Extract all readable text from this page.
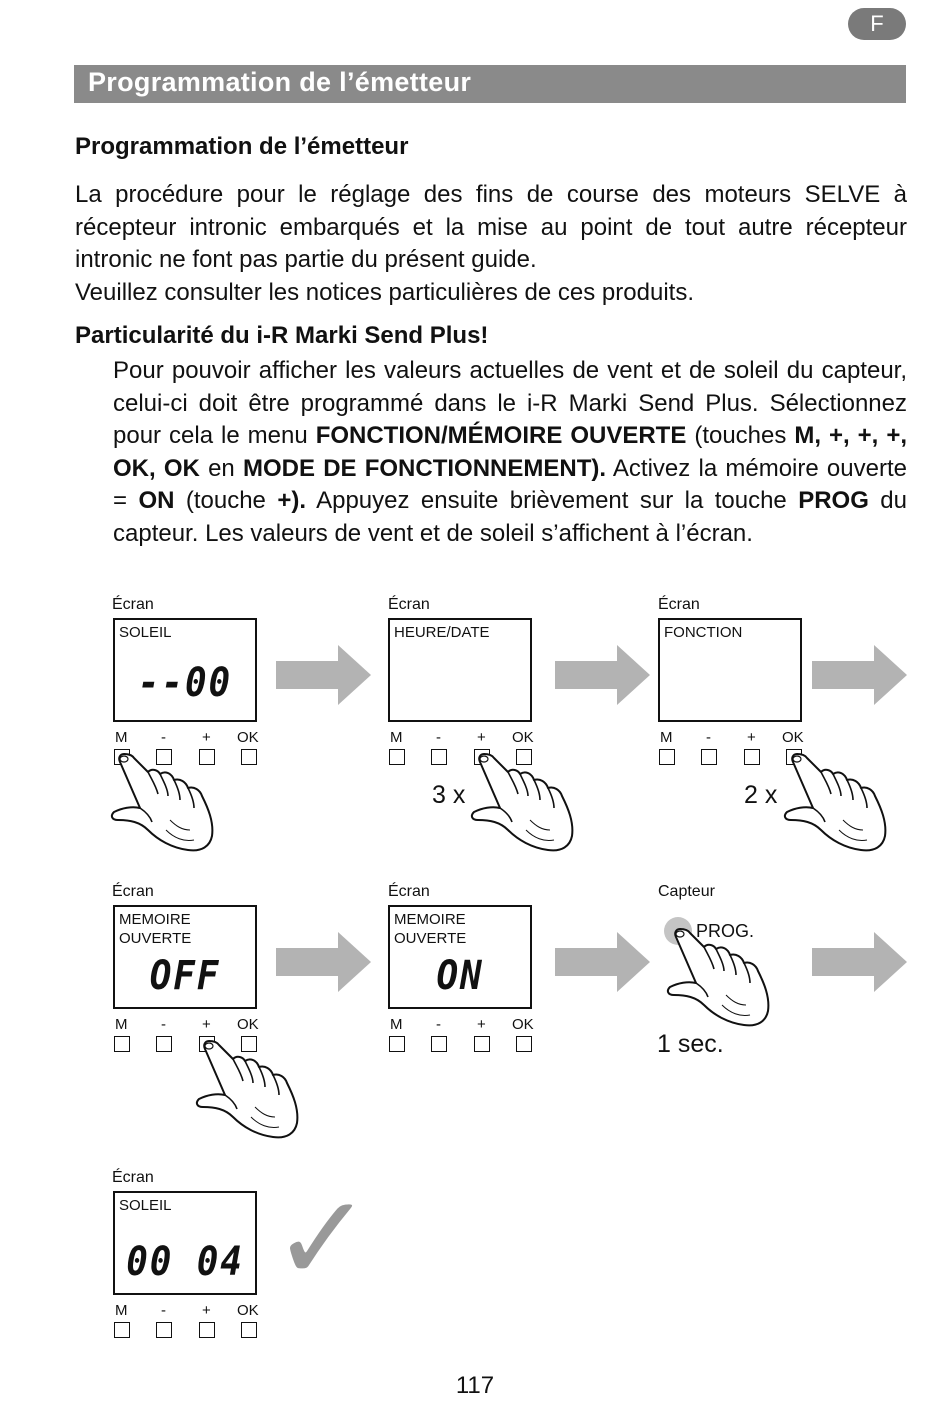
F
Programmation de l’émetteur
Programmation de l’émetteur

La procédure pour le réglage des fins de course des moteurs SELVE à récepteur intronic embarqués et la mise au point de tout autre récepteur intronic ne font pas partie du présent guide.

Veuillez consulter les notices particulières de ces produits.

Particularité du i-R Marki Send Plus!
Pour pouvoir afficher les valeurs actuelles de vent et de soleil du capteur, celui-ci doit être programmé dans le i-R Marki Send Plus. Sélectionnez pour cela le menu FONCTION/MÉMOIRE OUVERTE (touches M, +, +, +, OK, OK en MODE DE FONCTIONNEMENT). Activez la mémoire ouverte = ON (touche +). Appuyez ensuite brièvement sur la touche PROG du capteur. Les valeurs de vent et de soleil s’affichent à l’écran.
Écran
SOLEIL
--00
M - + OK
Écran
HEURE/DATE
M - + OK
3 x
Écran
FONCTION
M - + OK
2 x
Écran
MEMOIRE
OUVERTE
OFF
M - + OK
Écran
MEMOIRE
OUVERTE
ON
M - + OK
Capteur
PROG.
1 sec.
Écran
SOLEIL
00 04
M - + OK
✓
117
